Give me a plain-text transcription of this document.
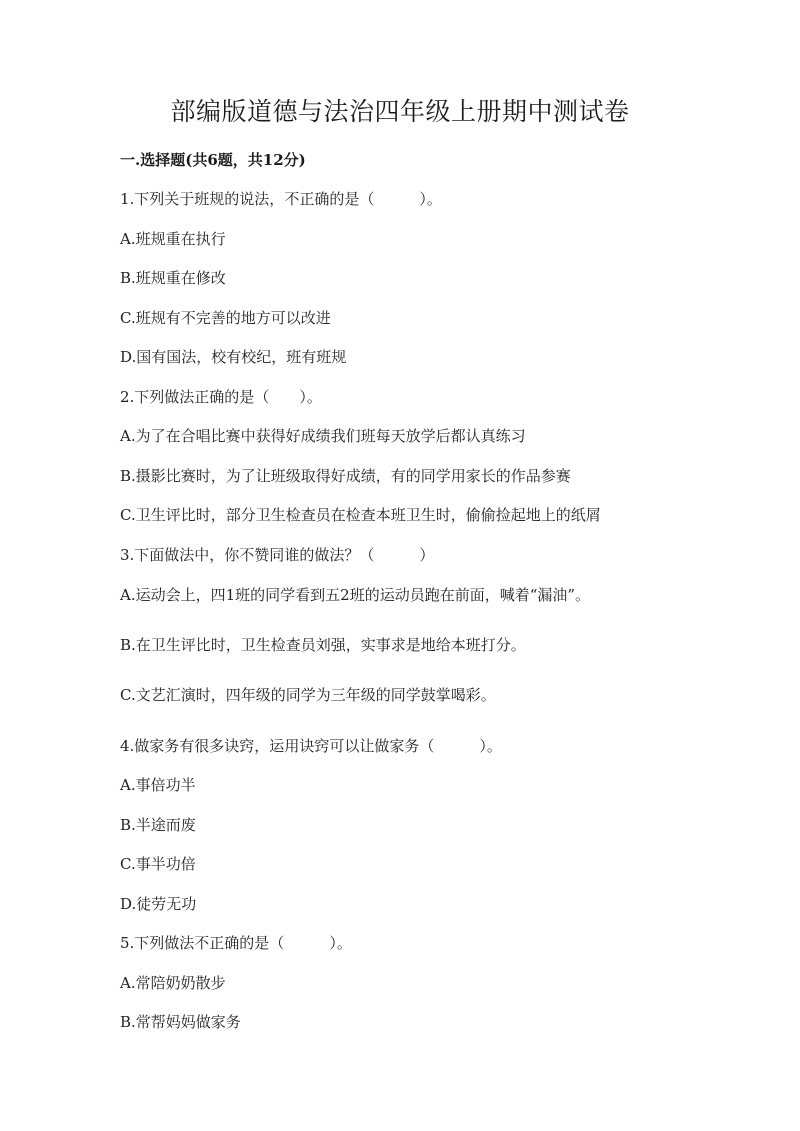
部编版道德与法治四年级上册期中测试卷
一.选择题(共6题，共12分)
1.下列关于班规的说法，不正确的是（　　　）。
A.班规重在执行
B.班规重在修改
C.班规有不完善的地方可以改进
D.国有国法，校有校纪，班有班规
2.下列做法正确的是（　　）。
A.为了在合唱比赛中获得好成绩我们班每天放学后都认真练习
B.摄影比赛时，为了让班级取得好成绩，有的同学用家长的作品参赛
C.卫生评比时，部分卫生检查员在检查本班卫生时，偷偷捡起地上的纸屑
3.下面做法中，你不赞同谁的做法？（　　　）
A.运动会上，四1班的同学看到五2班的运动员跑在前面，喊着“漏油”。
B.在卫生评比时，卫生检查员刘强，实事求是地给本班打分。
C.文艺汇演时，四年级的同学为三年级的同学鼓掌喝彩。
4.做家务有很多诀窍，运用诀窍可以让做家务（　　　）。
A.事倍功半
B.半途而废
C.事半功倍
D.徒劳无功
5.下列做法不正确的是（　　　）。
A.常陪奶奶散步
B.常帮妈妈做家务
